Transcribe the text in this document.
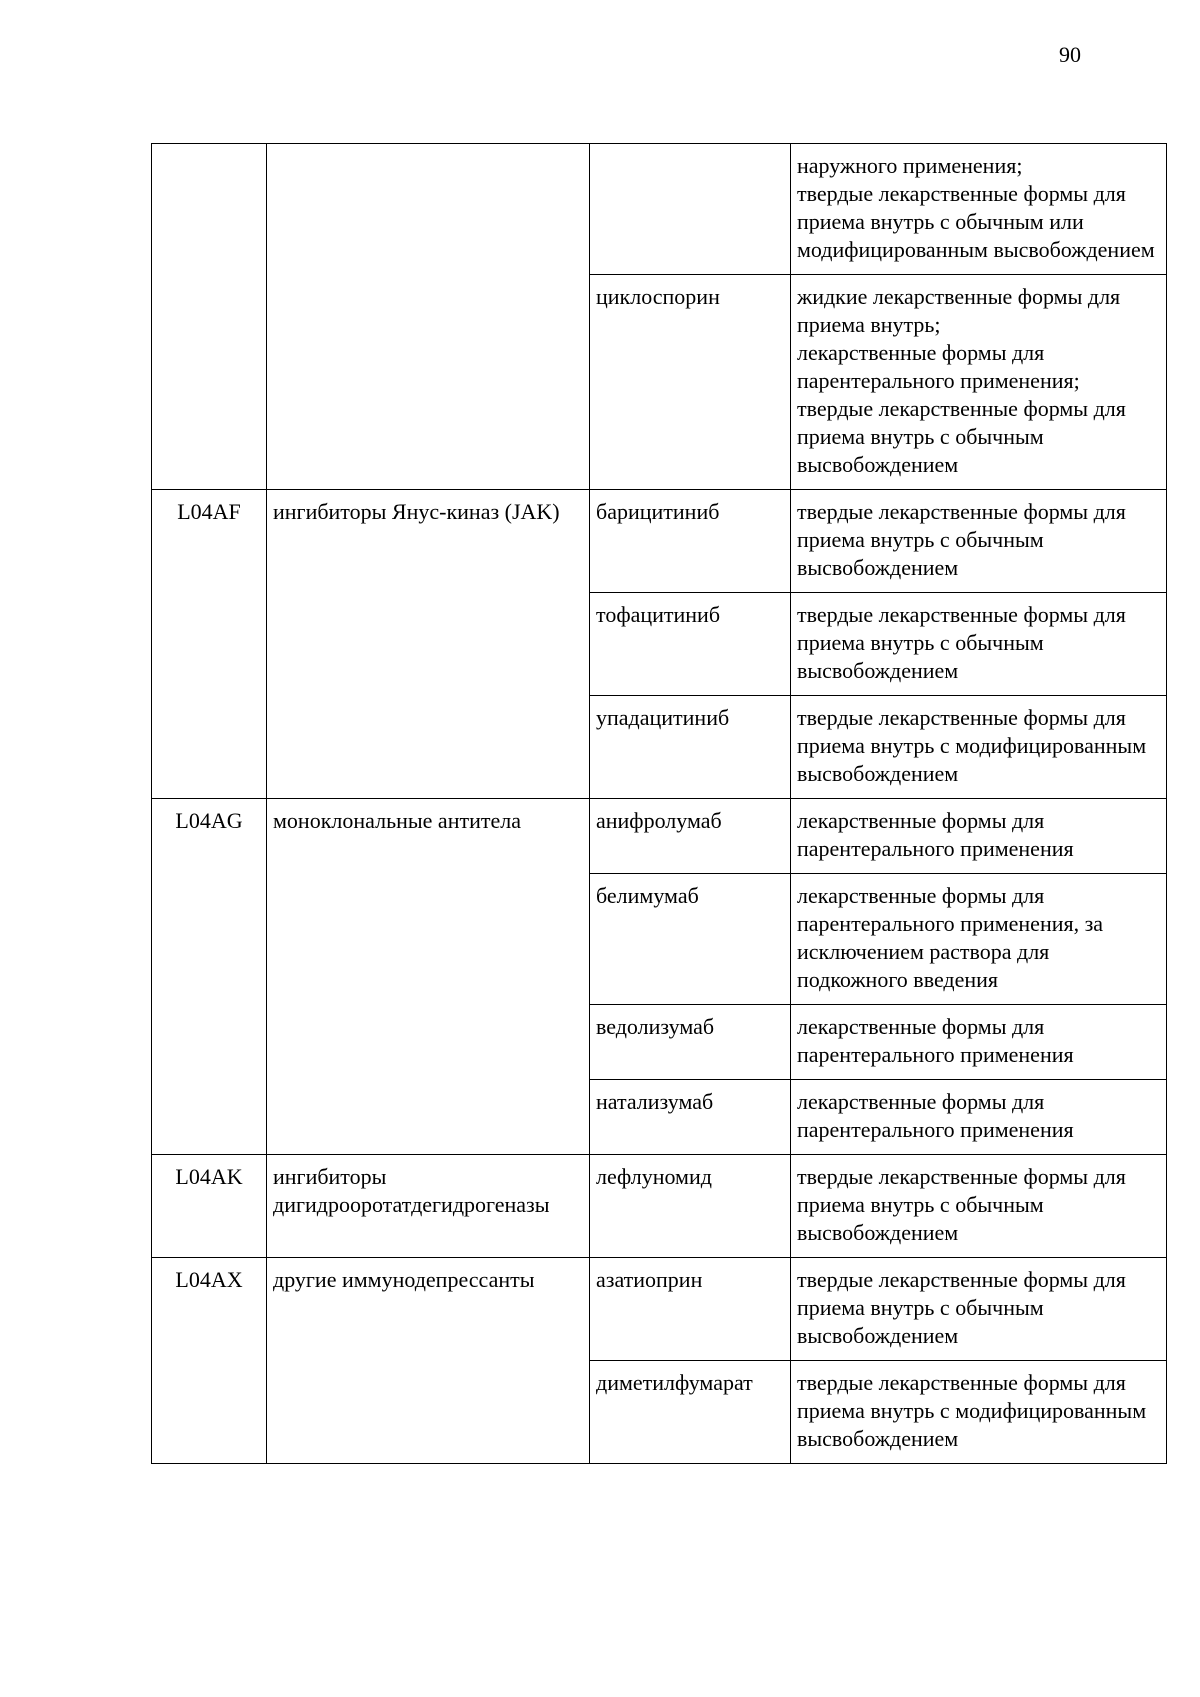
90
			наружного применения;
твердые лекарственные формы для приема внутрь с обычным или модифицированным высвобождением
		циклоспорин	жидкие лекарственные формы для приема внутрь;
лекарственные формы для парентерального применения;
твердые лекарственные формы для приема внутрь с обычным высвобождением
L04AF	ингибиторы Янус-киназ (JAK)	барицитиниб	твердые лекарственные формы для приема внутрь с обычным высвобождением
		тофацитиниб	твердые лекарственные формы для приема внутрь с обычным высвобождением
		упадацитиниб	твердые лекарственные формы для приема внутрь с модифицированным высвобождением
L04AG	моноклональные антитела	анифролумаб	лекарственные формы для парентерального применения
		белимумаб	лекарственные формы для парентерального применения, за исключением раствора для подкожного введения
		ведолизумаб	лекарственные формы для парентерального применения
		натализумаб	лекарственные формы для парентерального применения
L04AK	ингибиторы дигидрооротатдегидрогеназы	лефлуномид	твердые лекарственные формы для приема внутрь с обычным высвобождением
L04AX	другие иммунодепрессанты	азатиоприн	твердые лекарственные формы для приема внутрь с обычным высвобождением
		диметилфумарат	твердые лекарственные формы для приема внутрь с модифицированным высвобождением
